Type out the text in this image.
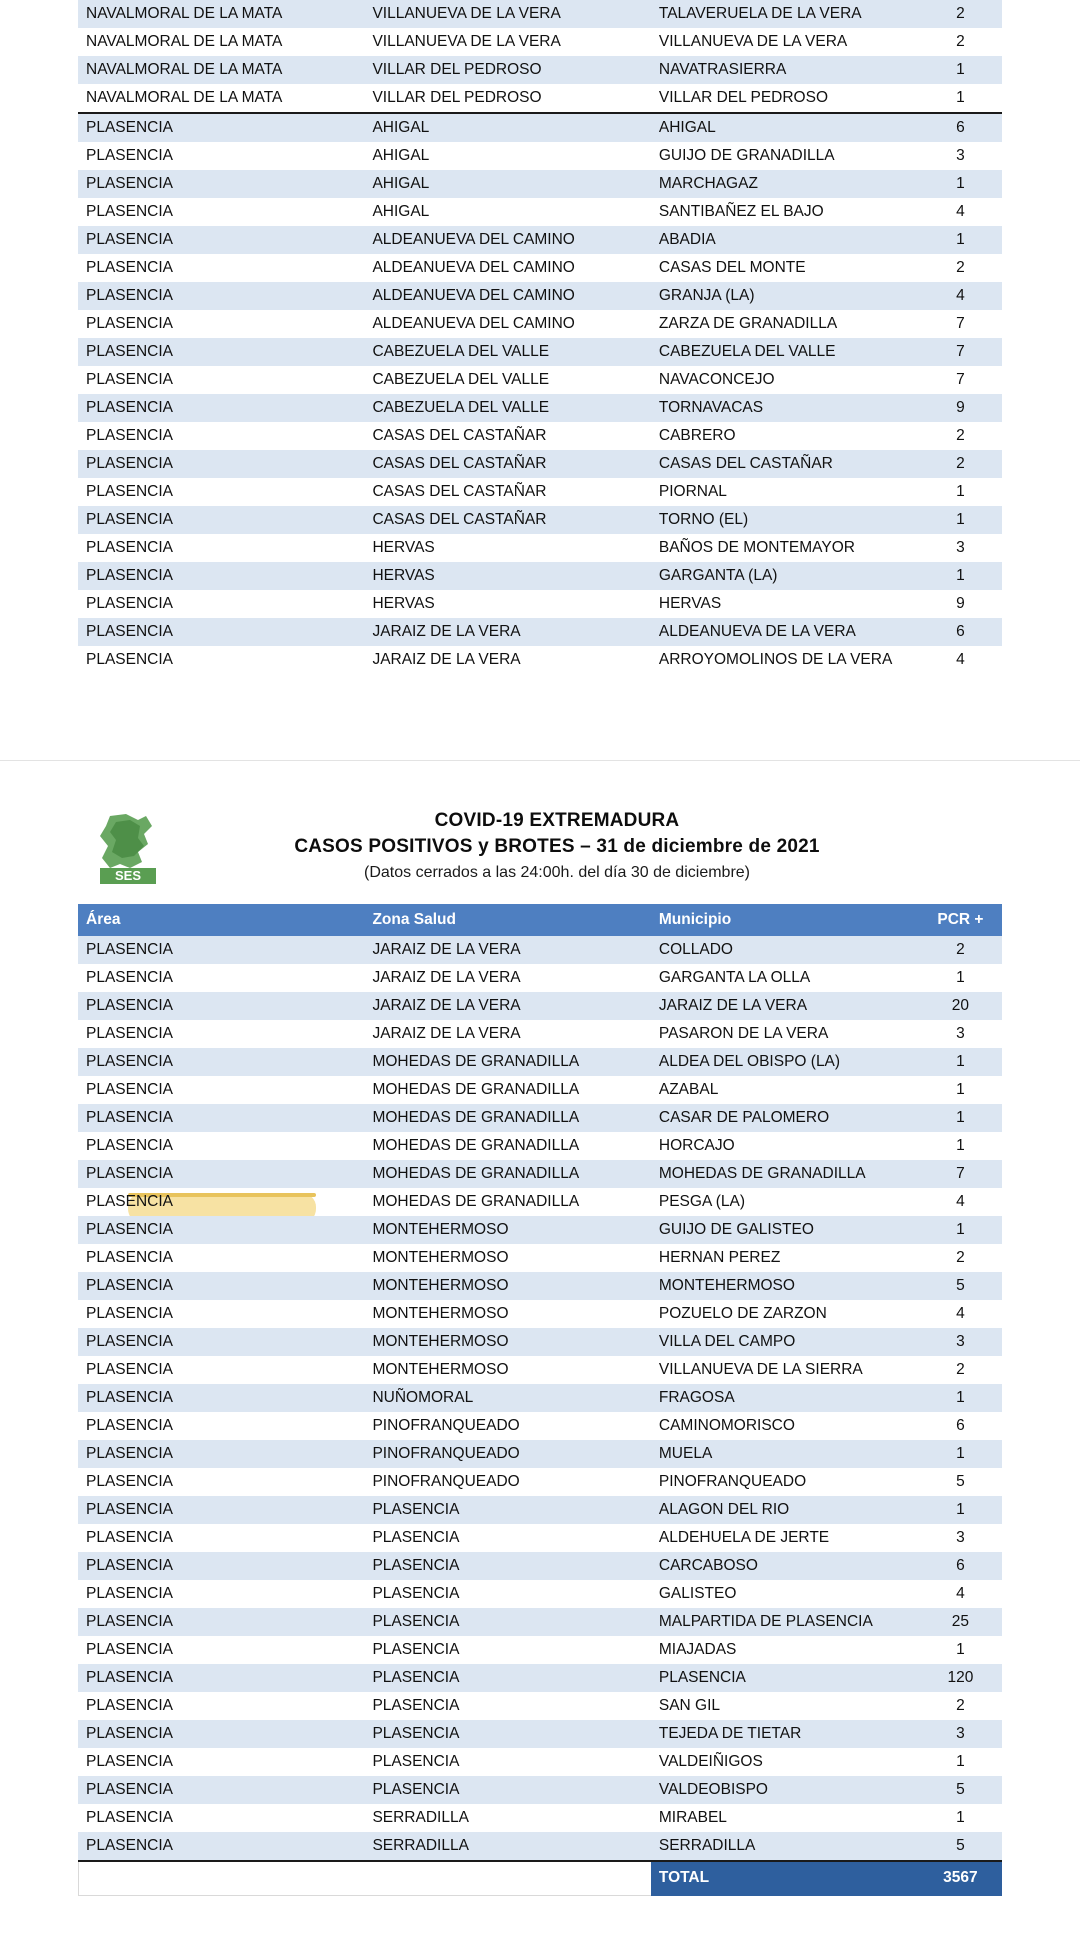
NAVALMORAL DE LA MATA	VILLANUEVA DE LA VERA	TALAVERUELA DE LA VERA	2
NAVALMORAL DE LA MATA	VILLANUEVA DE LA VERA	VILLANUEVA DE LA VERA	2
NAVALMORAL DE LA MATA	VILLAR DEL PEDROSO	NAVATRASIERRA	1
NAVALMORAL DE LA MATA	VILLAR DEL PEDROSO	VILLAR DEL PEDROSO	1
PLASENCIA	AHIGAL	AHIGAL	6
PLASENCIA	AHIGAL	GUIJO DE GRANADILLA	3
PLASENCIA	AHIGAL	MARCHAGAZ	1
PLASENCIA	AHIGAL	SANTIBAÑEZ EL BAJO	4
PLASENCIA	ALDEANUEVA DEL CAMINO	ABADIA	1
PLASENCIA	ALDEANUEVA DEL CAMINO	CASAS DEL MONTE	2
PLASENCIA	ALDEANUEVA DEL CAMINO	GRANJA (LA)	4
PLASENCIA	ALDEANUEVA DEL CAMINO	ZARZA DE GRANADILLA	7
PLASENCIA	CABEZUELA DEL VALLE	CABEZUELA DEL VALLE	7
PLASENCIA	CABEZUELA DEL VALLE	NAVACONCEJO	7
PLASENCIA	CABEZUELA DEL VALLE	TORNAVACAS	9
PLASENCIA	CASAS DEL CASTAÑAR	CABRERO	2
PLASENCIA	CASAS DEL CASTAÑAR	CASAS DEL CASTAÑAR	2
PLASENCIA	CASAS DEL CASTAÑAR	PIORNAL	1
PLASENCIA	CASAS DEL CASTAÑAR	TORNO (EL)	1
PLASENCIA	HERVAS	BAÑOS DE MONTEMAYOR	3
PLASENCIA	HERVAS	GARGANTA (LA)	1
PLASENCIA	HERVAS	HERVAS	9
PLASENCIA	JARAIZ DE LA VERA	ALDEANUEVA DE LA VERA	6
PLASENCIA	JARAIZ DE LA VERA	ARROYOMOLINOS DE LA VERA	4
SES
COVID-19 EXTREMADURA
CASOS POSITIVOS y BROTES – 31 de diciembre de 2021
(Datos cerrados a las 24:00h. del día 30 de diciembre)
Área	Zona Salud	Municipio	PCR +
PLASENCIA	JARAIZ DE LA VERA	COLLADO	2
PLASENCIA	JARAIZ DE LA VERA	GARGANTA LA OLLA	1
PLASENCIA	JARAIZ DE LA VERA	JARAIZ DE LA VERA	20
PLASENCIA	JARAIZ DE LA VERA	PASARON DE LA VERA	3
PLASENCIA	MOHEDAS DE GRANADILLA	ALDEA DEL OBISPO (LA)	1
PLASENCIA	MOHEDAS DE GRANADILLA	AZABAL	1
PLASENCIA	MOHEDAS DE GRANADILLA	CASAR DE PALOMERO	1
PLASENCIA	MOHEDAS DE GRANADILLA	HORCAJO	1
PLASENCIA	MOHEDAS DE GRANADILLA	MOHEDAS DE GRANADILLA	7

PLASENCIA	MOHEDAS DE GRANADILLA	PESGA (LA)	4
PLASENCIA	MONTEHERMOSO	GUIJO DE GALISTEO	1
PLASENCIA	MONTEHERMOSO	HERNAN PEREZ	2
PLASENCIA	MONTEHERMOSO	MONTEHERMOSO	5
PLASENCIA	MONTEHERMOSO	POZUELO DE ZARZON	4
PLASENCIA	MONTEHERMOSO	VILLA DEL CAMPO	3
PLASENCIA	MONTEHERMOSO	VILLANUEVA DE LA SIERRA	2
PLASENCIA	NUÑOMORAL	FRAGOSA	1
PLASENCIA	PINOFRANQUEADO	CAMINOMORISCO	6
PLASENCIA	PINOFRANQUEADO	MUELA	1
PLASENCIA	PINOFRANQUEADO	PINOFRANQUEADO	5
PLASENCIA	PLASENCIA	ALAGON DEL RIO	1
PLASENCIA	PLASENCIA	ALDEHUELA DE JERTE	3
PLASENCIA	PLASENCIA	CARCABOSO	6
PLASENCIA	PLASENCIA	GALISTEO	4
PLASENCIA	PLASENCIA	MALPARTIDA DE PLASENCIA	25
PLASENCIA	PLASENCIA	MIAJADAS	1
PLASENCIA	PLASENCIA	PLASENCIA	120
PLASENCIA	PLASENCIA	SAN GIL	2
PLASENCIA	PLASENCIA	TEJEDA DE TIETAR	3
PLASENCIA	PLASENCIA	VALDEIÑIGOS	1
PLASENCIA	PLASENCIA	VALDEOBISPO	5
PLASENCIA	SERRADILLA	MIRABEL	1
PLASENCIA	SERRADILLA	SERRADILLA	5
TOTAL	3567
